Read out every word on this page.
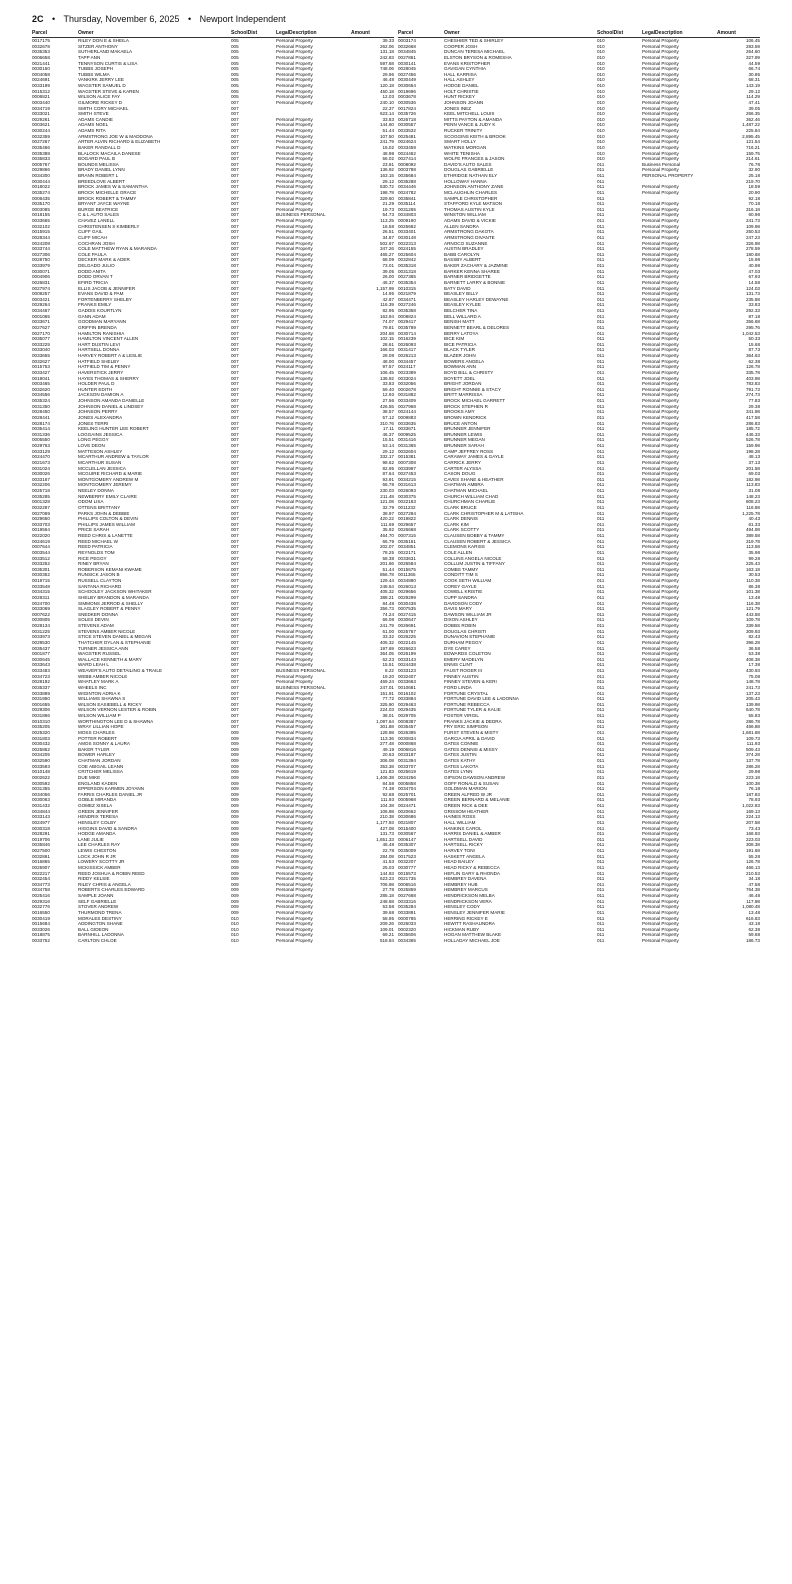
2C • Thursday, November 6, 2025 • Newport Independent
Parcel	Owner	SchoolDist	LegalDescription	Amount
0017175	RILEY DON E & SHEILA	005	Personal Property	39.33
0032678	SITZER ANTHONY	005	Personal Property	262.06
0035353	SUTHERLAND MAKAELA	005	Personal Property	131.18
0006658	TAPP ANN	005	Personal Property	242.83
0021441	TENNYSON CURTIS & LISA	005	Personal Property	597.68
0030150	TUBBS JOSEPH	005	Personal Property	748.06
0004058	TUBBS WILMA	005	Personal Property	29.96
0024691	VANKIRK JERRY LEE	005	Personal Property	46.48
0033199	WAGSTER SAMUEL D	005	Personal Property	120.18
0015312	WAGSTER STEVE & KAREN	005	Personal Property	450.18
0006821	WILSON ALICE FAY	005	Personal Property	12.03
0003440	GILMORE RICKEY D	007	Personal Property	240.10
0034719	SMITH CORY MICHAEL	007		22.37
0033021	SMITH STEVE	007		623.14
0029261	ADAMS CANDIE	007	Personal Property	33.83
0003621	ADAMS NOEL	007	Personal Property	144.60
0030244	ADAMS RITA	007	Personal Property	51.44
0032359	ARMSTRONG JOE W & MADDONA	007	Personal Property	107.50
0027267	ARTER ALVIN RICHARD & ELIZABETH	007	Personal Property	241.79
0035466	BAKER RANDALL D	007	Personal Property	15.02
0035388	BLALOCK MACAILA DANESE	007	Personal Property	48.98
0035833	BOGARD PAUL B	007	Personal Property	56.02
0005767	BOUNDS MELISSA	007	Personal Property	23.91
0029866	BRADY DANIEL LYNN	007	Personal Property	136.92
0034300	BRANN ROBERT L	007	Personal Property	163.15
0030444	BREEDLOVE ALBERT	007	Personal Property	29.12
0018022	BROCK JAMES W & SAMANTHA	007	Personal Property	530.72
0035274	BROCK MICHELLE GRACE	007	Personal Property	198.78
0006435	BROCK ROBERT & TAMMY	007	Personal Property	329.60
0035170	BRYANT JAYCE WAYNE	007	Personal Property	21.29
0003085	BURGE BEATRICE	007	Personal Property	19.73
0018155	C & L AUTO SALES	007	BUSINESS PERSONAL	54.73
0033665	CHAVEZ LANELL	007	Personal Property	113.25
0032102	CHRISTENSEN S KIMBERLY	007	Personal Property	16.58
0015915	CLIFF GAIL	007	Personal Property	26.51
0028344	CLIFF MICAH	007	Personal Property	34.87
0024208	COCHRAN JOSH	007	Personal Property	502.67
0033744	COLE MATTHEW RYAN & MARANDA	007	Personal Property	347.26
0027306	COLE PAULA	007	Personal Property	465.27
0028750	DECKER MARK & ADER	007	Personal Property	68.09
0033979	DELGADO JULIO	007	Personal Property	73.01
0030071	DODD ANITA	007	Personal Property	39.05
0004906	DODD ORVAN T	007	Personal Property	26.00
0026831	EFIRD TRICIA	007	Personal Property	46.37
0027974	ELLIS JACOB & JENNIFER	007	Personal Property	1,157.99
0009257	EVANS DAVID & PAM	007	Personal Property	14.95
0003421	FORTENBERRY SHELBY	007	Personal Property	42.87
0029264	FRANKS EMILY	007	Personal Property	116.39
0034467	GADDIS KOURTLYN	007	Personal Property	82.95
0001065	GANN ADAM	007	Personal Property	163.94
0033671	GOODMAN MARYANN	007	Personal Property	74.07
0027627	GRIFFIN BRENDA	007	Personal Property	79.81
0027170	HAMILTON RANISHIA	007	Personal Property	204.68
0035077	HAMILTON VINCENT ALLEN	007	Personal Property	102.15
0033225	HART DUSTIN LEVI	007	Personal Property	28.61
0033040	HARTSELL DONNA	007	Personal Property	166.03
0033655	HARVEY ROBERT A & LESLIE	007	Personal Property	28.08
0032627	HATFIELD SHELBY	007	Personal Property	48.00
0015753	HATFIELD TIM & PENNY	007	Personal Property	97.57
0033427	HAVERSTICK JERRY	007	Personal Property	106.45
0019041	HAYES THOMAS & SHERRY	007	Personal Property	136.92
0003465	HOLDER PAUL D	007	Personal Property	33.83
0032620	HUNTER EDITH	007	Personal Property	59.40
0034556	JACKSON DAMION A	007	Personal Property	12.93
0035324	JOHNSON AMANDA DANIELLE	007	Personal Property	27.56
0031350	JOHNSON DANIEL & LINDSEY	007	Personal Property	426.55
0028450	JOHNSON PERRY	007	Personal Property	38.57
0028441	JONES ALEXANDRA	007	Personal Property	57.12
0028174	JONES TERRI	007	Personal Property	310.76
0035414	KEELING HUNTER LEE ROBERT	007	Personal Property	17.11
0031336	LOGGAINS JESSICA	007	Personal Property	46.37
0005550	LONG PEGGY	007	Personal Property	15.51
0029763	LOVE DEON	007	Personal Property	53.14
0033129	MATTESON ASHLEY	007	Personal Property	29.12
0024470	MCARTHUR ANDREW & TAYLOR	007	Personal Property	332.17
0021673	MCARTHUR SUSAN	007	Personal Property	98.62
0031024	MCCLELLAN JESSICA	007	Personal Property	82.95
0030026	MCGUIRE RICHARD & MARIE	007	Personal Property	87.64
0033167	MONTGOMERY ANDREW M	007	Personal Property	93.91
0032206	MONTGOMERY JEREMY	007	Personal Property	66.78
0025718	NEELEY DONNA	007	Personal Property	230.03
0035285	NEWBERRY EMILY CLAIRE	007	Personal Property	211.48
0001328	ODOM LISA	007	Personal Property	121.08
0032287	OTTENS BRITTANY	007	Personal Property	32.79
0027069	PARKS JOHN & DEBBIE	007	Personal Property	38.97
0029650	PHILLIPS COLTON & DEVIN	007	Personal Property	420.22
0033703	PHILLIPS JAMES WILLIAM	007	Personal Property	111.69
0019564	PRICE SARAH	007	Personal Property	35.92
0022020	REED CHRIS & LANETTE	007	Personal Property	464.70
0024619	REED MICHAEL W	007	Personal Property	66.79
0007644	REED PATRICIA	007	Personal Property	202.07
0003544	REYNOLDS TOM	007	Personal Property	78.25
0033512	RICE PEGGY	007	Personal Property	58.38
0033252	RINEY BRYAN	007	Personal Property	201.66
0035301	ROBERSON KEMANI KWAME	007	Personal Property	51.44
0030352	RUNSICK JASON B	007	Personal Property	856.78
0019715	RUSSELL CLAYTON	007	Personal Property	129.44
0033548	SANTANA RICHARD	007	Personal Property	248.64
0034315	SCHOOLEY JACKSON WHITAKER	007	Personal Property	405.32
0028311	SHELBY BRANDON & MARANDA	007	Personal Property	388.21
0024700	SIMMONS JERROD & SHELLY	007	Personal Property	84.48
0033069	SLAGLEY ROBERT & PENNY	007	Personal Property	356.73
0007622	SNEDKER DONNA	007	Personal Property	74.24
0030805	SOLES DEVIN	007	Personal Property	66.08
0028134	STEVENS ADAM	007	Personal Property	241.79
0031225	STEVENS AMBER NICOLE	007	Personal Property	61.00
0033973	STICE STEVEN DANIEL & MEGAN	007	Personal Property	33.32
0029530	THATCHER DYLAN & STEPHANIE	007	Personal Property	405.32
0035437	TURNER JESSICA ANN	007	Personal Property	197.69
0001877	WAGSTER RUSSEL	007	Personal Property	364.05
0030645	WALLACE KENNETH & MARY	007	Personal Property	62.23
0033643	WARD LEAH L	007	Personal Property	15.51
0033483	WEAVER'S AUTO DETAILING & TRAILE	007	BUSINESS PERSONAL	8.22
0034723	WEBB AMBER NICOLE	007	Personal Property	19.20
0028192	WHATLEY MARK A	007	Personal Property	469.24
0035337	WHEELS INC	007	BUSINESS PERSONAL	247.01
0033889	WIGINTON ADRIA K	007	Personal Property	151.91
0031950	WILLIAMS SHAWNA S	007	Personal Property	77.72
0001655	WILSON EASIEBELL & RICKY	007	Personal Property	325.90
0029306	WILSON VERNON LESTER & ROBIN	007	Personal Property	224.03
0031866	WILSON WILLIAM P	007	Personal Property	38.01
0010310	WORTHINGTON LEE D & SHAWNA	007	Personal Property	1,097.64
0035205	WRAY LILLIAN HOPE	007	Personal Property	301.88
0025320	MOSS CHARLES	009	Personal Property	128.98
0031803	POTTER ROBERT	009	Personal Property	113.36
0030432	AMOS SONNY & LAURA	009	Personal Property	277.48
0025862	BAKER TYLER	009	Personal Property	49.19
0034205	BOWER HARLEY	009	Personal Property	20.63
0032590	CHATMAN JORDAN	009	Personal Property	306.08
0033593	COE ABIGAIL LEANN	009	Personal Property	353.38
0010148	CRITCHER MELISSA	009	Personal Property	121.83
0002622	DUE MIKE	009	Personal Property	1,406.38
0030592	ENGLAND KADEN	009	Personal Property	84.58
0031355	EPPERSON KARMEN JOYANN	009	Personal Property	74.38
0034056	FARRIS CHARLES DANIEL JR	009	Personal Property	92.68
0030063	GOBLE MIRANDA	009	Personal Property	111.93
0031432	GOMEZ XISELA	009	Personal Property	104.38
0034844	GREEN JENNIFER	009	Personal Property	106.98
0033143	HENDRIX TERESA	009	Personal Property	210.38
0024977	HENSLEY COLBY	009	Personal Property	1,177.93
0030318	HIGGINS DAVID & SANDRA	009	Personal Property	427.08
0028291	HODGE AMANDA	009	Personal Property	131.73
0019706	LANE JULIE	009	Personal Property	1,651.33
0035846	LEE CHARLES RAY	009	Personal Property	46.48
0027500	LEWIS CHESTON	009	Personal Property	22.78
0032861	LOCK JOHN R JR	009	Personal Property	284.08
0016865	LOWERY SCOTTY JR	009	Personal Property	41.53
0025907	MCKISSICK AMBER	009	Personal Property	25.03
0022217	REED JOSHUA & ROBIN REED	009	Personal Property	144.93
0032454	RIDDY KELSIE	009	Personal Property	623.23
0034773	RILEY CHRIS & ANGELA	009	Personal Property	706.98
0034758	ROBERTS CHARLES EDWARD	009	Personal Property	27.78
0025416	SAMPLE JOANN	009	Personal Property	285.18
0029316	SELF GABRIELLE	009	Personal Property	248.68
0032776	STOVER ANDREW	009	Personal Property	53.58
0016550	THURMOND TRENA	009	Personal Property	39.68
0030419	MORALES DESTINY	010	Personal Property	58.95
0015684	ADDINGTON SHANE	010	Personal Property	209.26
0033026	BALL GIDEON	010	Personal Property	109.01
0018875	BARNHILL LADONNA	010	Personal Property	69.21
0033752	CARLTON CHLOE	010	Personal Property	518.84
Parcel	Owner	SchoolDist	LegalDescription	Amount
0003174	CHESHIER TED & SHIRLEY	010	Personal Property	106.45
0032668	COOPER JOSH	010	Personal Property	283.59
0034845	DUNCAN TERESA MICHAEL	010	Personal Property	264.60
0027861	ELSTON BRYSON & ROMESHA	010	Personal Property	327.99
0030141	EVANS KRISTOPHER	010	Personal Property	44.59
0028045	GAVIGAN CYNTHIA	010	Personal Property	66.74
0027456	HALL KARRISA	010	Personal Property	30.85
0030449	HALL ASHLEY	010	Personal Property	68.31
0030654	HODGE DANIEL	010	Personal Property	143.19
0019696	HOLT CHRISTIE	010	Personal Property	29.12
0003678	HUNT RICKEY	010	Personal Property	114.29
0030536	JOHNSON JOANN	010	Personal Property	47.41
0017824	JONES INEZ	010	Personal Property	39.05
0035726	KEEL MITCHELL LOUIS	010	Personal Property	266.35
0026718	MITTS PAYTON & AMANDA	010	Personal Property	362.46
0030557	PENN VANCE & JUDY K	010	Personal Property	1,487.22
0033532	RUCKER TRINITY	010	Personal Property	225.84
0025481	SCOGGINS KEITH & BROOK	010	Personal Property	2,895.45
0024624	SMART HOLLY	010	Personal Property	121.54
0033459	WATKINS MORGAN	010	Personal Property	716.21
0024462	WHITE TENISHA	010	Personal Property	159.75
0027414	WOLFE FRANCES & JASON	010	Personal Property	214.61
0008092	DAVID'S AUTO SALES	011	Business Personal	76.78
0003788	DOUGLAS GABRIELLE	011	Personal Property	32.90
0035684	ETHRIDGE NATHAN ELY	011	PERSONAL PROPERTY	25.18
0035288	HOLLOWAY HANNA	011		219.70
0034446	JOHNSON ANTHONY ZANE	011	Personal Property	18.59
0024782	MCLAUGHLIN CHARLES	011	Personal Property	20.90
0035841	SAMPLE CHRISTOPHER	011		92.18
0035114	STAFFORD KYLE MATSON	011	Personal Property	70.18
0031265	THOMAS AUSTIN KYLE	011	Personal Property	316.18
0034803	WINSTON WILLIAM	011	Personal Property	60.98
0009190	ADAMS DAVID & VICKIE	011	Personal Property	241.73
0025682	ALLEN SANDRA	011	Personal Property	109.98
0033401	ARMSTRONG DAKOTA	011	Personal Property	250.53
0030148	ARMSTRONG DIVANTE	011	Personal Property	247.23
0022313	ARNOCO SUZANNE	011	Personal Property	326.98
0024155	AUSTIN BRADLEY	011	Personal Property	278.59
0025604	BABB CAROLYN	011	Personal Property	180.68
0032842	BASSBY ALBERT	011	Personal Property	15.98
0035318	BAKER ZACHARY & JAZMINE	011	Personal Property	40.98
0031318	BARKER KENNA SHAREE	011	Personal Property	47.03
0027365	BARNER BRIDGETTE	011	Personal Property	67.93
0035354	BARNETT LARRY & BONNIE	011	Personal Property	14.58
0010315	BATY DAVID	011	Personal Property	124.03
0021879	BEASLEY BILLY	011	Personal Property	131.73
0034471	BEASLEY HARLEY DEWAYNE	011	Personal Property	235.88
0027246	BEASLEY KYLEE	011	Personal Property	33.83
0035358	BELCHER TINA	011	Personal Property	292.33
0008824	BELL WILLARD A	011	Personal Property	87.18
0029417	BENISH MATT	011	Personal Property	356.68
0035789	BENNETT BEARL & DELORES	011	Personal Property	295.76
0030714	BERRY LATOYA	011	Personal Property	1,042.53
0016239	BICE KIM	011	Personal Property	50.33
0026093	BICE PATRICIA	011	Personal Property	15.68
0031417	BLACK TYLER	011	Personal Property	87.73
0026213	BLAZER JOHN	011	Personal Property	364.63
0034457	BOWERS ANGELA	011	Personal Property	62.38
0024117	BOWMAN ANN	011	Personal Property	126.78
0023389	BOYD BILL & CHRISTY	011	Personal Property	335.78
0033024	BOYETT JOEL	011	Personal Property	403.98
0032056	BRIGHT JORDAN	011	Personal Property	783.83
0002678	BRIGHT RONNIE & STACY	011	Personal Property	791.73
0031882	BRITT MARRISSA	011	Personal Property	274.73
0033409	BROCK MICHAEL GARRETT	011	Personal Property	77.83
0027968	BROCK STEPHEN R	011	Personal Property	29.38
0024144	BROOKS AMY	011	Personal Property	341.98
0009883	BROWN KENDRICK	011	Personal Property	417.58
0033635	BRUCE ANTON	011	Personal Property	286.83
0033671	BRUNNER JENNIFER	011	Personal Property	185.72
0009525	BRUNNER LEWIS	011	Personal Property	446.33
0031416	BRUNNER MEGAN	011	Personal Property	526.78
0031365	BRUNNER SARAH	011	Personal Property	159.98
0032604	CAMP JEFFREY ROSS	011	Personal Property	198.28
0015381	CARAWAY JAMES & GAYLE	011	Personal Property	48.13
0007308	CARRICK JERRY	011	Personal Property	37.13
0033997	CARTER ALYSSA	011	Personal Property	201.58
0027453	CASON DOUG	011	Personal Property	69.03
0034215	CAVES SHANE & HEATHER	011	Personal Property	182.98
0031613	CHATMAN AMBRA	011	Personal Property	113.83
0026093	CHATMAN MICHAEL	011	Personal Property	31.08
0030375	CHURCH WILLIAM CHAD	011	Personal Property	148.23
0022183	CHURCHMAN CHARLIE	011	Personal Property	808.23
0011232	CLARK BRUCE	011	Personal Property	116.88
0027294	CLARK CHRISTOPHER M & LATISHA	011	Personal Property	1,225.78
0019822	CLARK DENNIS	011	Personal Property	40.43
0029657	CLARK KIM	011	Personal Property	61.33
0026668	CLARK SCOTTY	011	Personal Property	494.98
0007315	CLAUSEN BOBBY & TAMMY	011	Personal Property	389.58
0035161	CLAUSEN ROBERT & JESSICA	011	Personal Property	319.78
0034851	CLEMONS KARISS	011	Personal Property	113.58
0022171	COLE ALLEN	011	Personal Property	35.98
0033631	COLLINS ANGELA NICOLE	011	Personal Property	99.28
0026584	COLLUM JUSTIN & TIFFANY	011	Personal Property	225.43
0015675	COMBS TAMMY	011	Personal Property	163.18
0011365	CONDITT TIM S	011	Personal Property	30.53
0034880	COOK SETH WILLIAM	011	Personal Property	110.38
0026013	COREY GAYLE	011	Personal Property	86.38
0029656	COWELL KRISTIE	011	Personal Property	101.38
0029299	CUPP SANDRA	011	Personal Property	13.48
0030438	DAVIDSON CODY	011	Personal Property	116.38
0007535	DAVIS MARY	011	Personal Property	121.79
0027415	DAWSON WILLIAM JR	011	Personal Property	443.58
0030647	DIXON ASHLEY	011	Personal Property	109.78
0026691	DOBBS ROBIN	011	Personal Property	339.58
0025767	DOUGLAS CHRISTI	011	Personal Property	309.93
0026225	DUNAVION STEPHANIE	011	Personal Property	82.43
0022145	DURHAM PEGGY	011	Personal Property	396.28
0026623	DYE CAREY	011	Personal Property	36.58
0026199	EDWARDS COLETON	011	Personal Property	53.38
0033143	EMERY MADELYN	011	Personal Property	408.38
0024438	ENNIS CLINT	011	Personal Property	17.38
0033123	FAUST ROGER III	011	Personal Property	430.93
0032407	FINNEY AUSTIN	011	Personal Property	75.08
0033663	FINNEY STEVEN & KERI	011	Personal Property	148.78
0010681	FORD LINDA	011	Personal Property	241.73
0016102	FORTUNE CRYSTAL	011	Personal Property	137.23
0033884	FORTUNE DAVID LEE & LADONNA	011	Personal Property	205.43
0029463	FORTUNE REBECCA	011	Personal Property	139.98
0029435	FORTUNE TYLER & KALIE	011	Personal Property	640.78
0029705	FOSTER VIRGIL	011	Personal Property	55.83
0008387	FRANKS JACKIE & DEDRA	011	Personal Property	286.78
0035457	FRY ERIC SIMPSON	011	Personal Property	466.88
0026395	FURST STEVEN & MISTY	011	Personal Property	1,681.68
0030834	GARCIA APRIL & DAVID	011	Personal Property	109.73
0000868	GATES CONNIE	011	Personal Property	111.93
0006816	GATES DENNIS & MISSY	011	Personal Property	509.43
0033187	GATES JUSTIN	011	Personal Property	374.28
0031394	GATES KATHY	011	Personal Property	137.78
0033707	GATES LAKOTA	011	Personal Property	286.28
0025619	GATES LYNN	011	Personal Property	29.98
0034256	GIPSON DAWSON ANDREW	011	Personal Property	223.18
0005858	GOFF RONALD & SUSAN	011	Personal Property	100.38
0034704	GOLDMAN MARION	011	Personal Property	76.18
0025701	GREEN ALFRED W JR	011	Personal Property	187.83
0005968	GREEN BERNARD & MELANIE	011	Personal Property	78.93
0024471	GREEN RICK & DEE	011	Personal Property	1,022.83
0020662	GRISSOM HEATHER	011	Personal Property	169.13
0030686	HAINES ROSS	011	Personal Property	224.13
0021807	HALL WILLIAM	011	Personal Property	207.58
0015400	HANKINS CAROL	011	Personal Property	73.43
0030567	HARRIS DANIEL & AMBER	011	Personal Property	166.93
0006147	HARTSELL DAVID	011	Personal Property	223.03
0035307	HARTSELL RICKY	011	Personal Property	308.38
0035009	HARVEY TONI	011	Personal Property	191.68
0017523	HASKETT ANGELA	011	Personal Property	55.28
0032207	HEAD BAILEY	011	Personal Property	126.78
0030777	HEAD RICKY & REBECCA	011	Personal Property	466.13
0015573	HEFLIN GARY & RHONDA	011	Personal Property	210.53
0021735	HEMBREY DAVENA	011	Personal Property	34.18
0006516	HEMBREY HUB	011	Personal Property	47.58
0025859	HEMBREY MARCUS	011	Personal Property	764.38
0027668	HENDRICKSON MELBA	011	Personal Property	46.48
0033316	HENDRICKSON VERA	011	Personal Property	117.98
0035284	HENSLEY CODY	011	Personal Property	1,080.48
0033891	HENSLEY JENNIFER MARIE	011	Personal Property	13.48
0000785	HERRING RICKEY E	011	Personal Property	616.83
0026033	HEWITT RASHAUNDRA	011	Personal Property	43.18
0002320	HICKMAN RUBY	011	Personal Property	62.38
0035606	HOGAN MATTHEW BLAKE	011	Personal Property	59.68
0034365	HOLLADAY MICHAEL JOE	011	Personal Property	186.73
